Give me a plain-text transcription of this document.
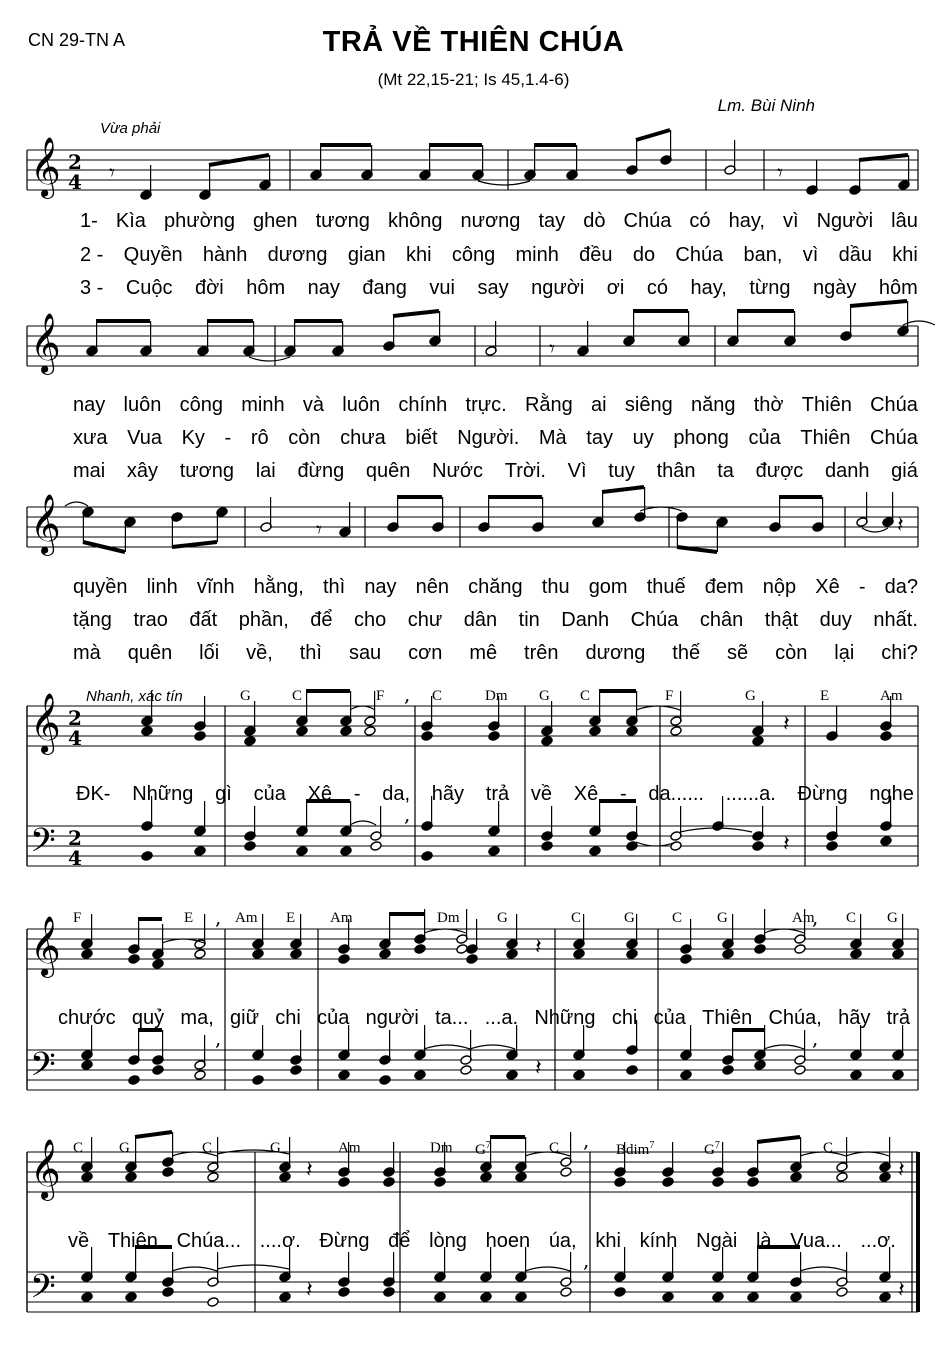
CN 29-TN A	TRẢ VỀ THIÊN CHÚA
(Mt 22,15-21; Is 45,1.4-6)
Lm. Bùi Ninh
Vừa phải
Nhanh, xác tín
1- Kìa phường ghen tương không nương tay dò Chúa có hay, vì Người lâu
2 - Quyền hành dương gian khi công minh đều do Chúa ban, vì dầu khi
3 - Cuộc đời hôm nay đang vui say người ơi có hay, từng ngày hôm
nay luôn công minh và luôn chính trực. Rằng ai siêng năng thờ Thiên Chúa
xưa Vua Ky - rô còn chưa biết Người. Mà tay uy phong của Thiên Chúa
mai xây tương lai đừng quên Nước Trời. Vì tuy thân ta được danh giá
quyền linh vĩnh hằng, thì nay nên chăng thu gom thuế đem nộp Xê - da?
tặng trao đất phần, để cho chư dân tin Danh Chúa chân thật duy nhất.
mà quên lối về, thì sau cơn mê trên dương thế sẽ còn lại chi?
ĐK- Những gì của Xê - da, hãy trả về Xê - da...... ......a. Đừng nghe
chước quỷ ma, giữ chi của người ta... ...a. Những chi của Thiên Chúa, hãy trả
về Thiên Chúa... ....ơ. Đừng để lòng hoen úa, khi kính Ngài là Vua... ...ơ.
G	C	F	C	Dm G C	F	G	E	Am
F	E	Am E Am	Dm	G	C	G C G	Am C G
C G	C	G	Am	Dm $G^7$	C	Bdim$^7$	$G^7$	C
𝄞
𝄞
𝄞
2
4 𝄾	𝄾
𝄾
𝄾	𝄽
𝄞
𝄢
𝄞
𝄢
𝄞
𝄢
2
4
2
4
,
𝄽
,
𝄽
,	,
𝄽
,	,
𝄽
,
𝄽	𝄽
,
𝄽	𝄽
